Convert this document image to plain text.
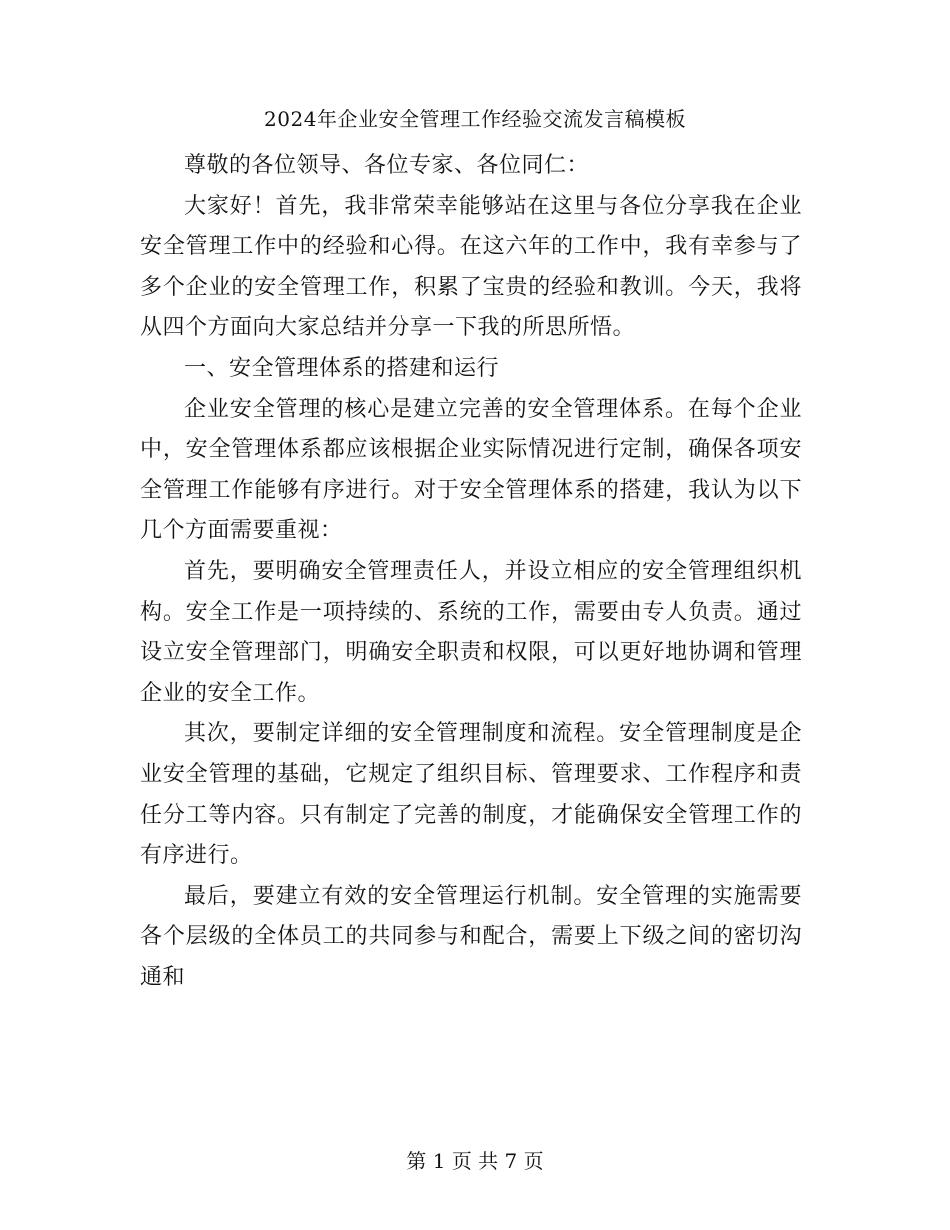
2024年企业安全管理工作经验交流发言稿模板

尊敬的各位领导、各位专家、各位同仁：

大家好！首先，我非常荣幸能够站在这里与各位分享我在企业安全管理工作中的经验和心得。在这六年的工作中，我有幸参与了多个企业的安全管理工作，积累了宝贵的经验和教训。今天，我将从四个方面向大家总结并分享一下我的所思所悟。

一、安全管理体系的搭建和运行

企业安全管理的核心是建立完善的安全管理体系。在每个企业中，安全管理体系都应该根据企业实际情况进行定制，确保各项安全管理工作能够有序进行。对于安全管理体系的搭建，我认为以下几个方面需要重视：

首先，要明确安全管理责任人，并设立相应的安全管理组织机构。安全工作是一项持续的、系统的工作，需要由专人负责。通过设立安全管理部门，明确安全职责和权限，可以更好地协调和管理企业的安全工作。

其次，要制定详细的安全管理制度和流程。安全管理制度是企业安全管理的基础，它规定了组织目标、管理要求、工作程序和责任分工等内容。只有制定了完善的制度，才能确保安全管理工作的有序进行。

最后，要建立有效的安全管理运行机制。安全管理的实施需要各个层级的全体员工的共同参与和配合，需要上下级之间的密切沟通和

第 1 页 共 7 页
